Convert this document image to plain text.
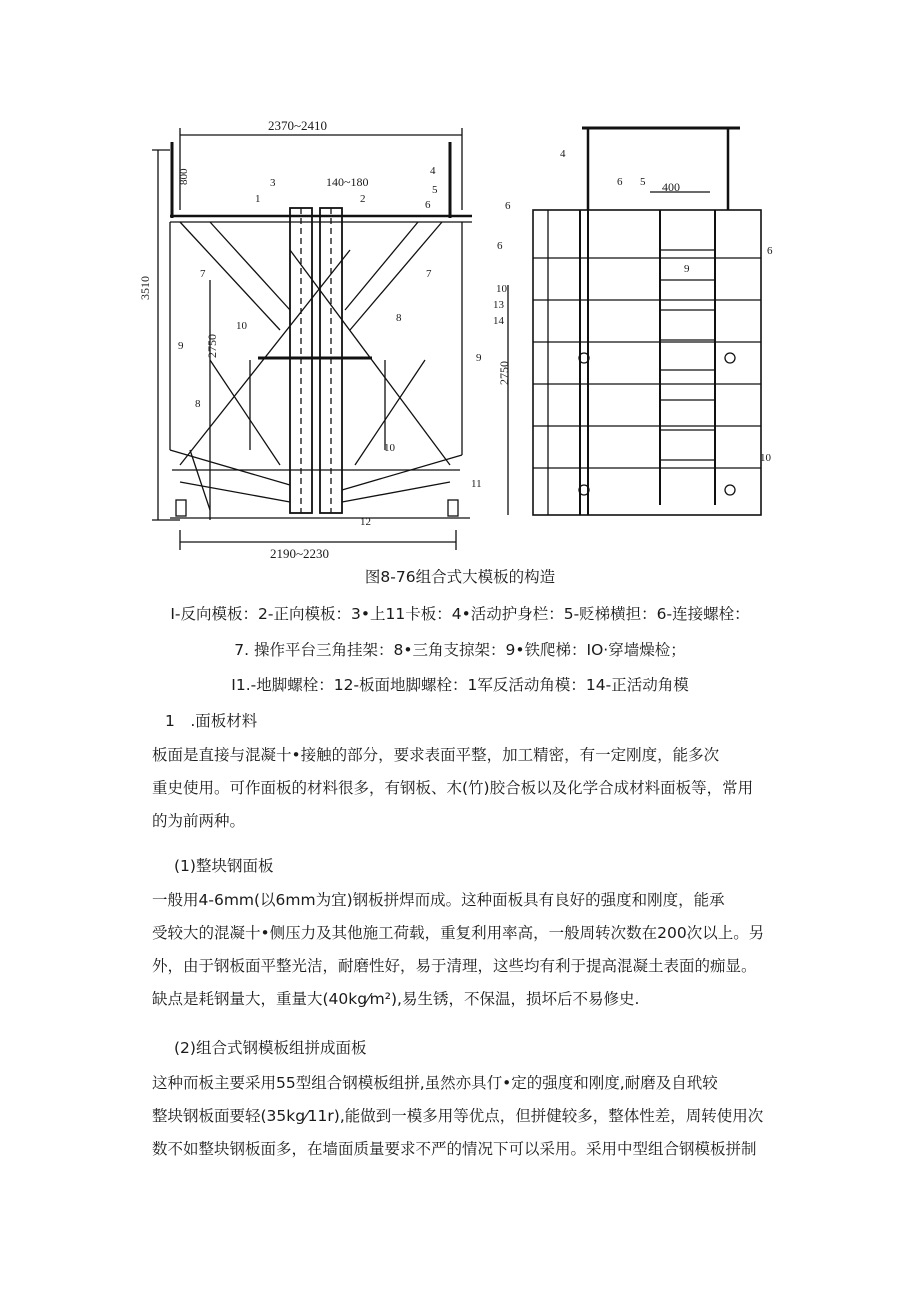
2370~2410
140~180
3510
800
2750
2190~2230
400
2750
1	2
3
4
5
6
7	7
8
8
9
9
10
10
11
12
4
6 5
6
6	6
9
10
13
14
10
图8-76组合式大模板的构造
I-反向模板：2-正向模板：3•上11卡板：4•活动护身栏：5-贬梯横担：6-连接螺栓：
7. 操作平台三角挂架：8•三角支掠架：9•铁爬梯：IO·穿墙燥检；
I1.-地脚螺栓：12-板面地脚螺栓：1军反活动角模：14-正活动角模
1 .面板材料

板面是直接与混凝十•接触的部分，要求表面平整，加工精密，有一定刚度，能多次

重史使用。可作面板的材料很多，有钢板、木(竹)胶合板以及化学合成材料面板等，常用

的为前两种。

(1)整块钢面板

一般用4-6mm(以6mm为宜)钢板拼焊而成。这种面板具有良好的强度和刚度，能承

受较大的混凝十•侧压力及其他施工荷载，重复利用率高，一般周转次数在200次以上。另

外，由于钢板面平整光洁，耐磨性好，易于清理，这些均有利于提高混凝土表面的痂显。

缺点是耗钢量大，重量大(40kg⁄m²),易生锈，不保温，损坏后不易修史.

(2)组合式钢模板组拼成面板

这种而板主要采用55型组合钢模板组拼,虽然亦具仃•定的强度和刚度,耐磨及自玳较

整块钢板面要轻(35kg⁄11r),能做到一模多用等优点，但拼健较多，整体性差，周转使用次

数不如整块钢板面多，在墙面质量要求不严的情况下可以采用。采用中型组合钢模板拼制
